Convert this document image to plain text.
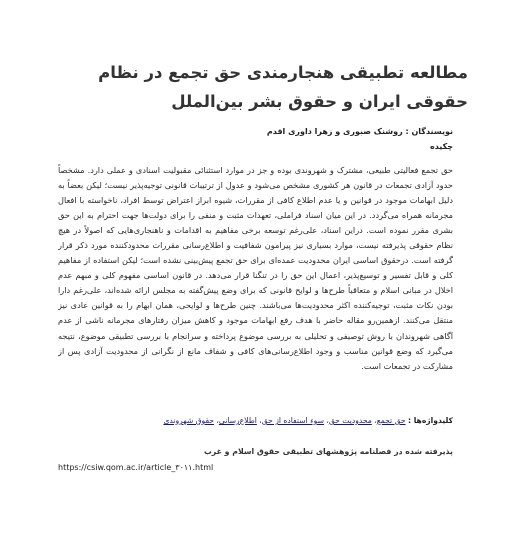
مطالعه تطبیقی هنجارمندی حق تجمع در نظام حقوقی ایران و حقوق بشر بین‌الملل
نویسندگان : روشنک صبوری و زهرا داوری اقدم
چکیده

حق تجمع فعالیتی طبیعی، مشترک و شهروندی بوده و جز در موارد استثنائی مقبولیت اسنادی و عملی دارد. مشخصاً حدود آزادی تجمعات در قانون هر کشوری مشخص می‌شود و عدول از ترتیبات قانونی توجیه‌پذیر نیست؛ لیکن بعضاً به دلیل ابهامات موجود در قوانین و یا عدم اطلاع کافی از مقررات، شیوه ابراز اعتراض توسط افراد، ناخواسته با افعال مجرمانه همراه می‌گردد. در این میان اسناد فراملی، تعهدات مثبت و منفی را برای دولت‌ها جهت احترام به این حق بشری مقرر نموده است. دراین اسناد، علی‌رغم توسعه برخی مفاهیم به اقدامات و ناهنجاری‌هایی که اصولاً در هیچ نظام حقوقی پذیرفته نیست، موارد بسیاری نیز پیرامون شفافیت و اطلاع‌رسانی مقررات محدودکننده مورد ذکر قرار گرفته است. درحقوق اساسی ایران محدودیت عمده‌ای برای حق تجمع پیش‌بینی نشده است؛ لیکن استفاده از مفاهیم کلی و قابل تفسیر و توسیع‌پذیر، اعمال این حق را در تنگنا قرار می‌دهد. در قانون اساسی مفهوم کلی و مبهم عدم اخلال در مبانی اسلام و متعاقباً طرح‌ها و لوایح قانونی که برای وضع پیش‌گفته به مجلس ارائه شده‌اند، علی‌رغم دارا بودن نکات مثبت، توجیه‌کننده اکثر محدودیت‌ها می‌باشند. چنین طرح‌ها و لوایحی، همان ابهام را به قوانین عادی نیز منتقل می‌کنند. ازهمین‌رو مقاله حاضر با هدف رفع ابهامات موجود و کاهش میزان رفتارهای مجرمانه ناشی از عدم آگاهی شهروندان با روش توصیفی و تحلیلی به بررسی موضوع پرداخته و سرانجام با بررسی تطبیقی موضوع، نتیجه می‌گیرد که وضع قوانین مناسب و وجود اطلاع‌رسانی‌های کافی و شفاف مانع از نگرانی از محدودیت آزادی پس از مشارکت در تجمعات است.

کلیدواژه‌ها : حق تجمع، محدودیت حق، سوء استفاده از حق، اطلاع‌رسانی، حقوق شهروندی
پذیرفته شده در فصلنامه پژوهشهای تطبیقی حقوق اسلام و غرب
https://csiw.qom.ac.ir/article_۳۰۱۱.html
